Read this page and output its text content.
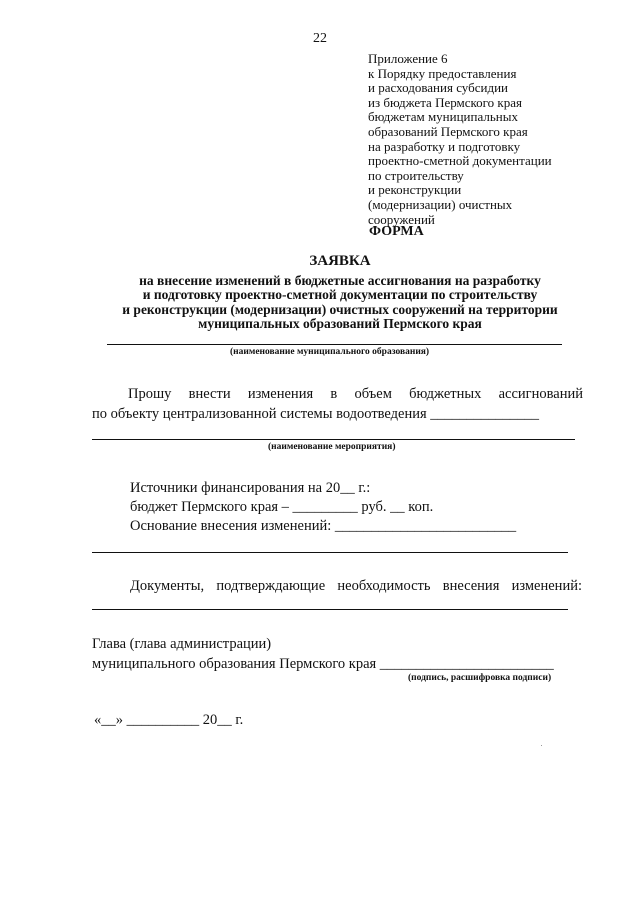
22
Приложение 6
к Порядку предоставления
и расходования субсидии
из бюджета Пермского края
бюджетам муниципальных
образований Пермского края
на разработку и подготовку
проектно-сметной документации
по строительству
и реконструкции
(модернизации) очистных
сооружений
ФОРМА
ЗАЯВКА
на внесение изменений в бюджетные ассигнования на разработку
и подготовку проектно-сметной документации по строительству
и реконструкции (модернизации) очистных сооружений на территории
муниципальных образований Пермского края
(наименование муниципального образования)
Прошу внести изменения в объем бюджетных ассигнований
по объекту централизованной системы водоотведения _______________
(наименование мероприятия)
Источники финансирования на 20__ г.:
бюджет Пермского края – _________ руб. __ коп.
Основание внесения изменений: _________________________
Документы, подтверждающие необходимость внесения изменений:
Глава (глава администрации)
муниципального образования Пермского края ________________________
(подпись, расшифровка подписи)
«__» __________ 20__ г.
